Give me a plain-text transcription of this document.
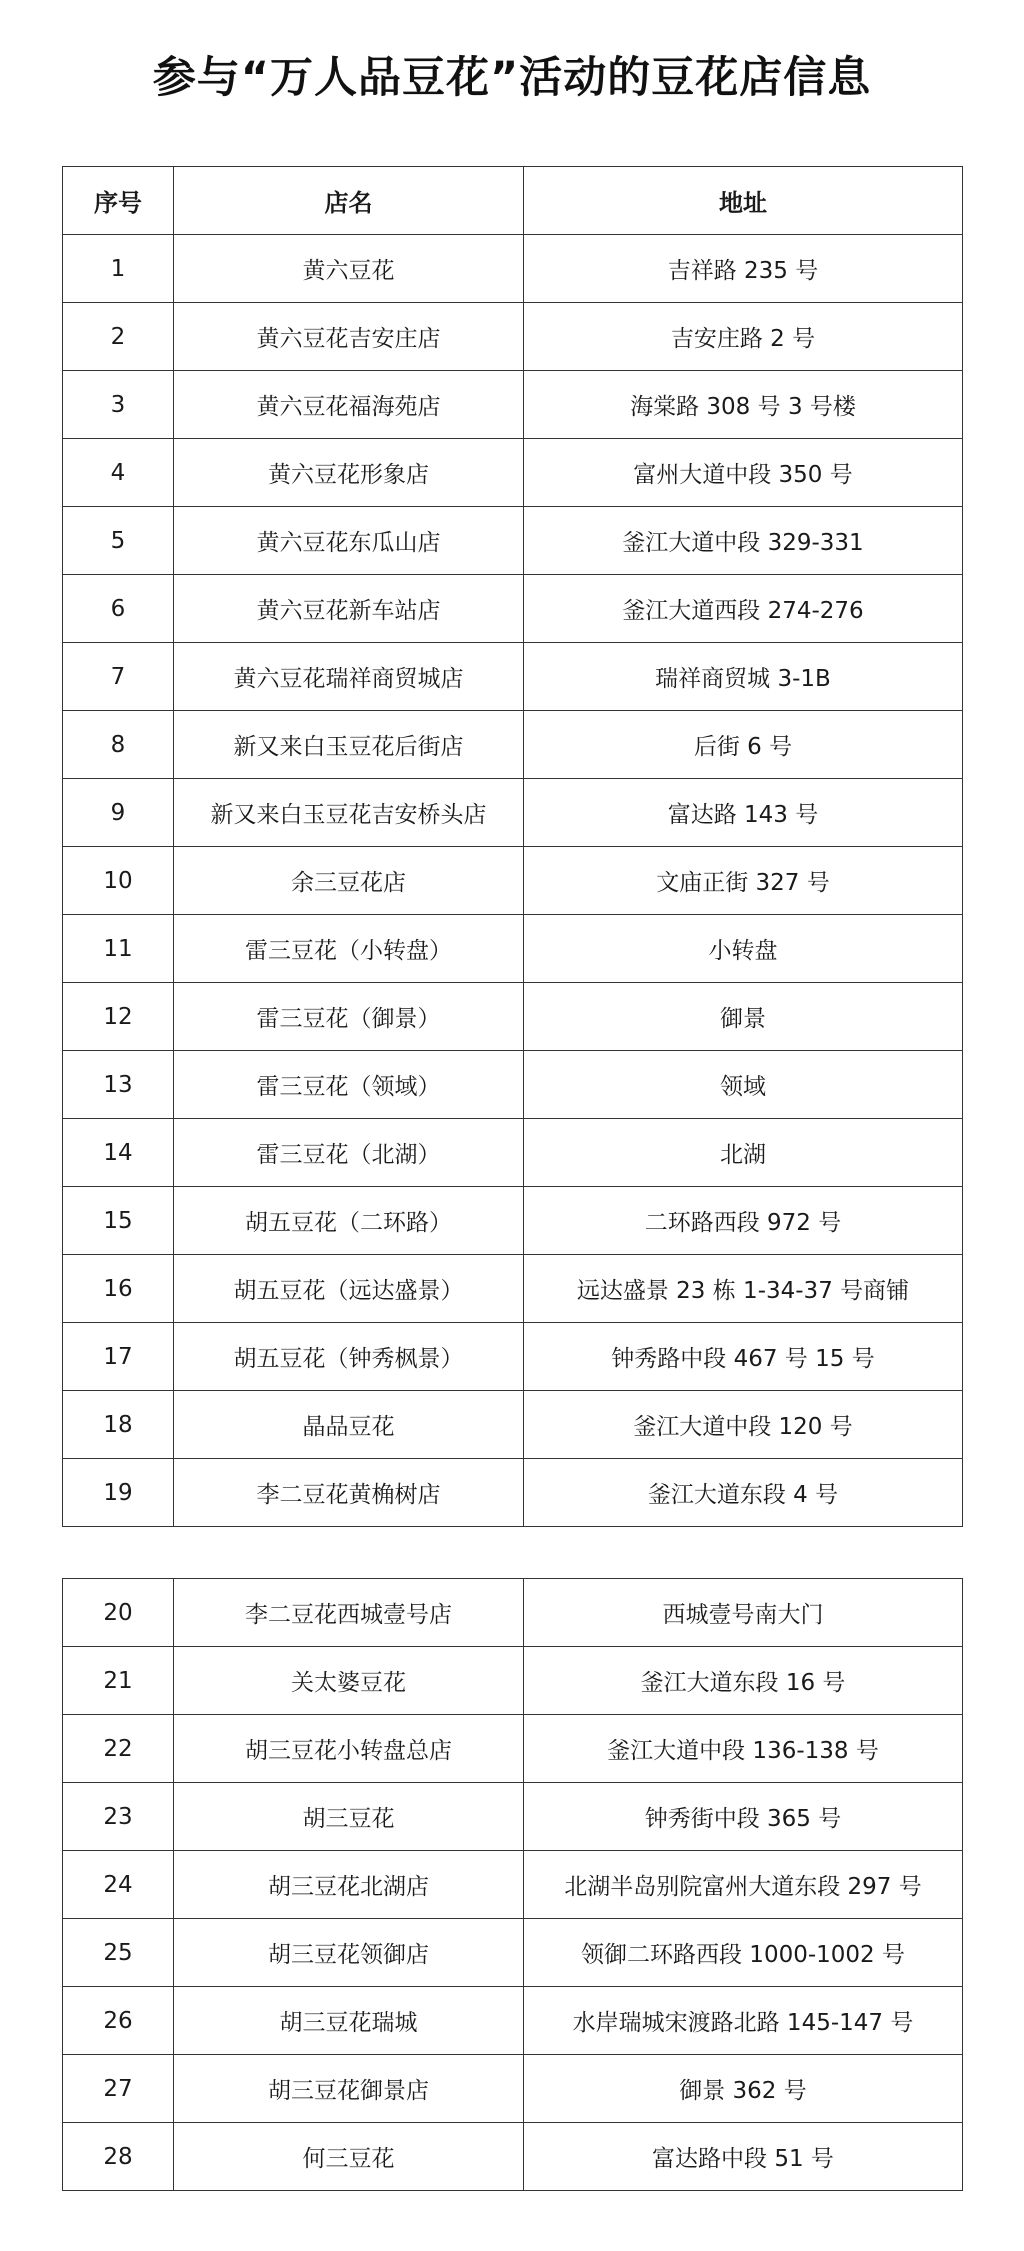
参与“万人品豆花”活动的豆花店信息
序号	店名	地址
1	黄六豆花	吉祥路 235 号
2	黄六豆花吉安庄店	吉安庄路 2 号
3	黄六豆花福海苑店	海棠路 308 号 3 号楼
4	黄六豆花形象店	富州大道中段 350 号
5	黄六豆花东瓜山店	釜江大道中段 329-331
6	黄六豆花新车站店	釜江大道西段 274-276
7	黄六豆花瑞祥商贸城店	瑞祥商贸城 3-1B
8	新又来白玉豆花后街店	后街 6 号
9	新又来白玉豆花吉安桥头店	富达路 143 号
10	余三豆花店	文庙正街 327 号
11	雷三豆花（小转盘）	小转盘
12	雷三豆花（御景）	御景
13	雷三豆花（领域）	领域
14	雷三豆花（北湖）	北湖
15	胡五豆花（二环路）	二环路西段 972 号
16	胡五豆花（远达盛景）	远达盛景 23 栋 1-34-37 号商铺
17	胡五豆花（钟秀枫景）	钟秀路中段 467 号 15 号
18	晶品豆花	釜江大道中段 120 号
19	李二豆花黄桷树店	釜江大道东段 4 号
20	李二豆花西城壹号店	西城壹号南大门
21	关太婆豆花	釜江大道东段 16 号
22	胡三豆花小转盘总店	釜江大道中段 136-138 号
23	胡三豆花	钟秀街中段 365 号
24	胡三豆花北湖店	北湖半岛别院富州大道东段 297 号
25	胡三豆花领御店	领御二环路西段 1000-1002 号
26	胡三豆花瑞城	水岸瑞城宋渡路北路 145-147 号
27	胡三豆花御景店	御景 362 号
28	何三豆花	富达路中段 51 号
